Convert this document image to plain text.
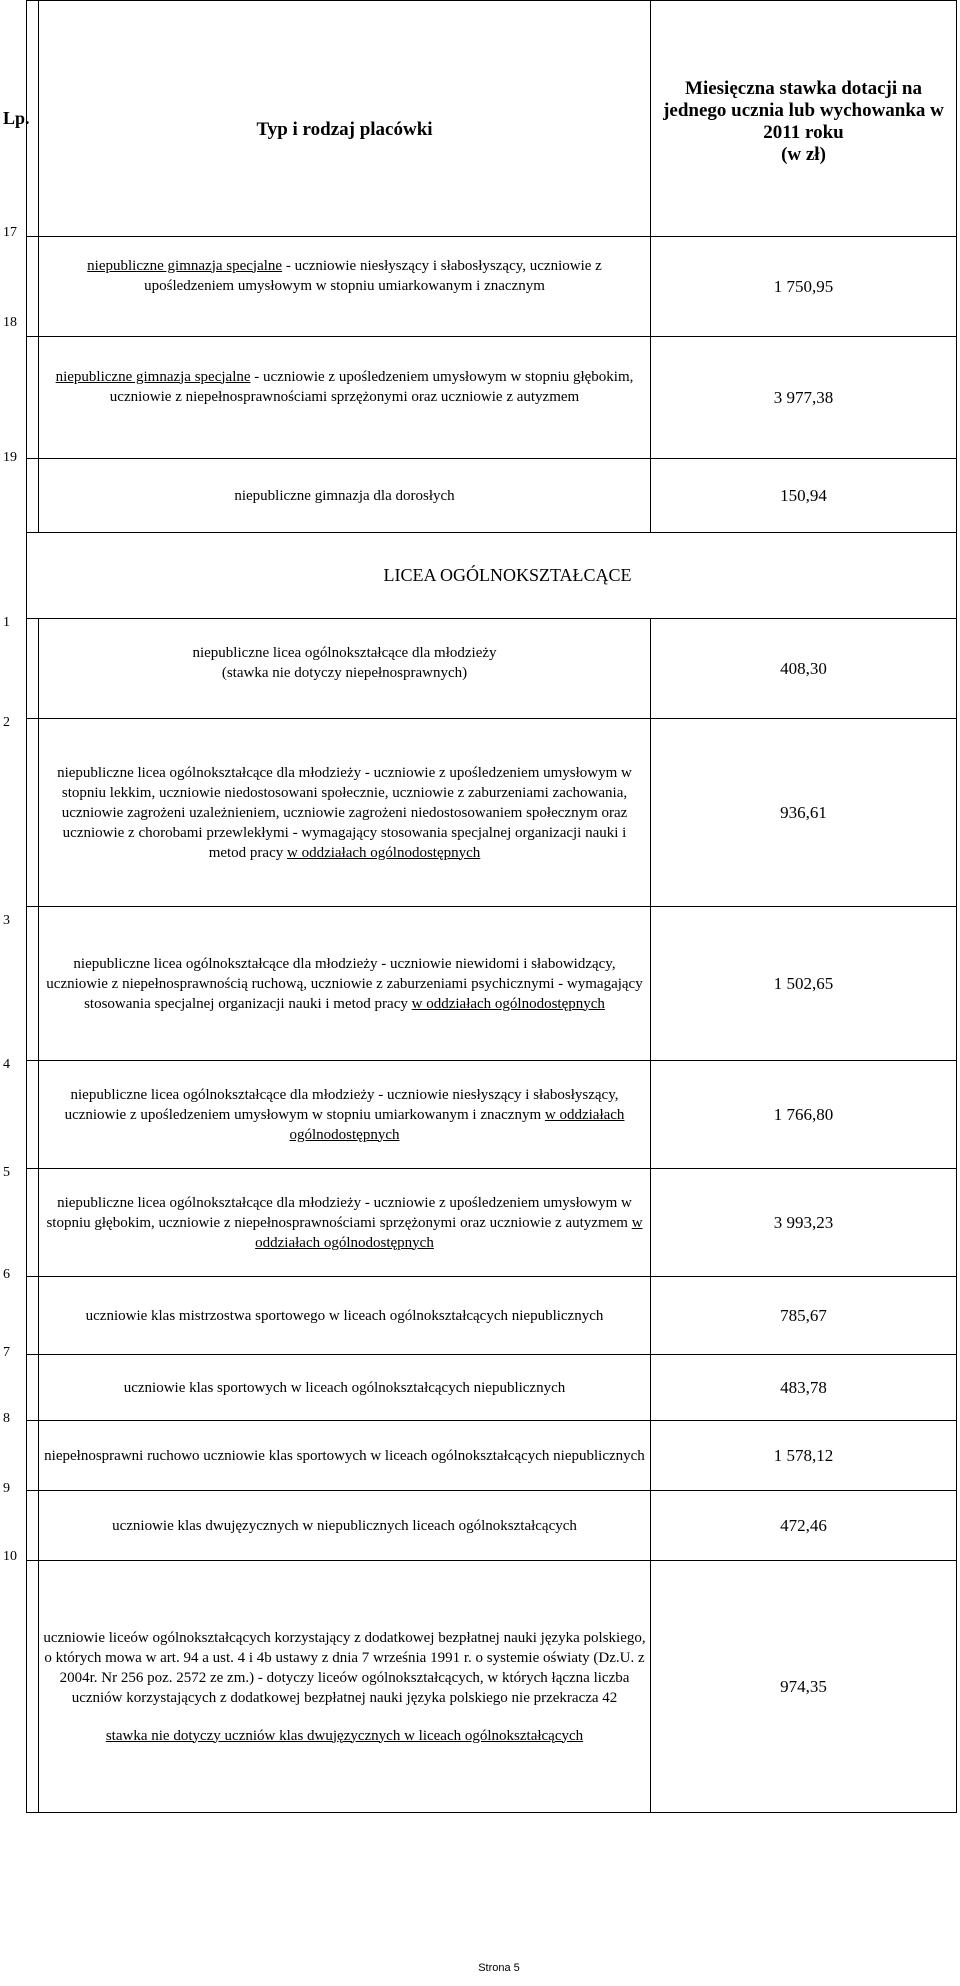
Lp.	Typ i rodzaj placówki	Miesięczna stawka dotacji na
jednego ucznia lub wychowanka w
2011 roku
(w zł)

17	niepubliczne gimnazja specjalne - uczniowie niesłyszący i słabosłyszący, uczniowie z upośledzeniem umysłowym w stopniu umiarkowanym i znacznym	1 750,95

18	niepubliczne gimnazja specjalne - uczniowie z upośledzeniem umysłowym w stopniu głębokim, uczniowie z niepełnosprawnościami sprzężonymi oraz uczniowie z autyzmem	3 977,38

19	niepubliczne gimnazja dla dorosłych	150,94
LICEA OGÓLNOKSZTAŁCĄCE		

1	niepubliczne licea ogólnokształcące dla młodzieży
(stawka nie dotyczy niepełnosprawnych)	408,30

2	niepubliczne licea ogólnokształcące dla młodzieży - uczniowie z upośledzeniem umysłowym w stopniu lekkim, uczniowie niedostosowani społecznie, uczniowie z zaburzeniami zachowania, uczniowie zagrożeni uzależnieniem, uczniowie zagrożeni niedostosowaniem społecznym oraz uczniowie z chorobami przewlekłymi - wymagający stosowania specjalnej organizacji nauki i metod pracy w oddziałach ogólnodostępnych	936,61

3	niepubliczne licea ogólnokształcące dla młodzieży - uczniowie niewidomi i słabowidzący, uczniowie z niepełnosprawnością ruchową, uczniowie z zaburzeniami psychicznymi - wymagający stosowania specjalnej organizacji nauki i metod pracy w oddziałach ogólnodostępnych	1 502,65

4	niepubliczne licea ogólnokształcące dla młodzieży - uczniowie niesłyszący i słabosłyszący, uczniowie z upośledzeniem umysłowym w stopniu umiarkowanym i znacznym w oddziałach ogólnodostępnych	1 766,80

5	niepubliczne licea ogólnokształcące dla młodzieży - uczniowie z upośledzeniem umysłowym w stopniu głębokim, uczniowie z niepełnosprawnościami sprzężonymi oraz uczniowie z autyzmem w oddziałach ogólnodostępnych	3 993,23

6	uczniowie klas mistrzostwa sportowego w liceach ogólnokształcących niepublicznych	785,67

7	uczniowie klas sportowych w liceach ogólnokształcących niepublicznych	483,78

8	niepełnosprawni ruchowo uczniowie klas sportowych w liceach ogólnokształcących niepublicznych	1 578,12

9	uczniowie klas dwujęzycznych w niepublicznych liceach ogólnokształcących	472,46

10	uczniowie liceów ogólnokształcących korzystający z dodatkowej bezpłatnej nauki języka polskiego, o których mowa w art. 94 a ust. 4 i 4b ustawy z dnia 7 września 1991 r. o systemie oświaty (Dz.U. z 2004r. Nr 256 poz. 2572 ze zm.) - dotyczy liceów ogólnokształcących, w których łączna liczba uczniów korzystających z dodatkowej bezpłatnej nauki języka polskiego nie przekracza 42
stawka nie dotyczy uczniów klas dwujęzycznych w liceach ogólnokształcących	974,35
Strona 5
